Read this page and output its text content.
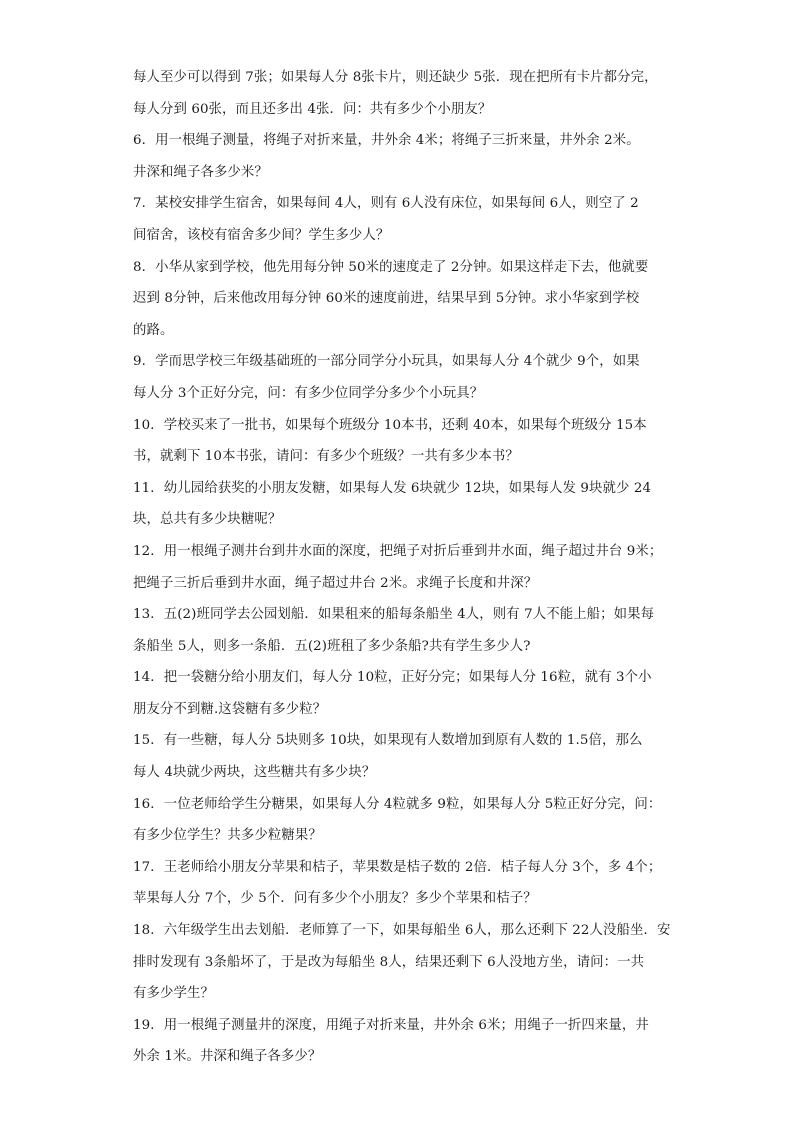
每人至少可以得到 7张；如果每人分 8张卡片，则还缺少 5张．现在把所有卡片都分完，
每人分到 60张，而且还多出 4张．问：共有多少个小朋友？
6．用一根绳子测量，将绳子对折来量，井外余 4米；将绳子三折来量，井外余 2米。
井深和绳子各多少米？
7．某校安排学生宿舍，如果每间 4人，则有 6人没有床位，如果每间 6人，则空了 2
间宿舍，该校有宿舍多少间？学生多少人？
8．小华从家到学校，他先用每分钟 50米的速度走了 2分钟。如果这样走下去，他就要
迟到 8分钟，后来他改用每分钟 60米的速度前进，结果早到 5分钟。求小华家到学校
的路。
9．学而思学校三年级基础班的一部分同学分小玩具，如果每人分 4个就少 9个，如果
每人分 3个正好分完，问：有多少位同学分多少个小玩具？
10．学校买来了一批书，如果每个班级分 10本书，还剩 40本，如果每个班级分 15本
书，就剩下 10本书张，请问：有多少个班级？一共有多少本书？
11．幼儿园给获奖的小朋友发糖，如果每人发 6块就少 12块，如果每人发 9块就少 24
块，总共有多少块糖呢？
12．用一根绳子测井台到井水面的深度，把绳子对折后垂到井水面，绳子超过井台 9米；
把绳子三折后垂到井水面，绳子超过井台 2米。求绳子长度和井深？
13．五(2)班同学去公园划船．如果租来的船每条船坐 4人，则有 7人不能上船；如果每
条船坐 5人，则多一条船．五(2)班租了多少条船?共有学生多少人?
14．把一袋糖分给小朋友们，每人分 10粒，正好分完；如果每人分 16粒，就有 3个小
朋友分不到糖.这袋糖有多少粒？
15．有一些糖，每人分 5块则多 10块，如果现有人数增加到原有人数的 1.5倍，那么
每人 4块就少两块，这些糖共有多少块？
16．一位老师给学生分糖果，如果每人分 4粒就多 9粒，如果每人分 5粒正好分完，问：
有多少位学生？共多少粒糖果？
17．王老师给小朋友分苹果和桔子，苹果数是桔子数的 2倍．桔子每人分 3个，多 4个；
苹果每人分 7个，少 5个．问有多少个小朋友？多少个苹果和桔子？
18．六年级学生出去划船．老师算了一下，如果每船坐 6人，那么还剩下 22人没船坐．安
排时发现有 3条船坏了，于是改为每船坐 8人，结果还剩下 6人没地方坐，请问：一共
有多少学生？
19．用一根绳子测量井的深度，用绳子对折来量，井外余 6米；用绳子一折四来量，井
外余 1米。井深和绳子各多少？
